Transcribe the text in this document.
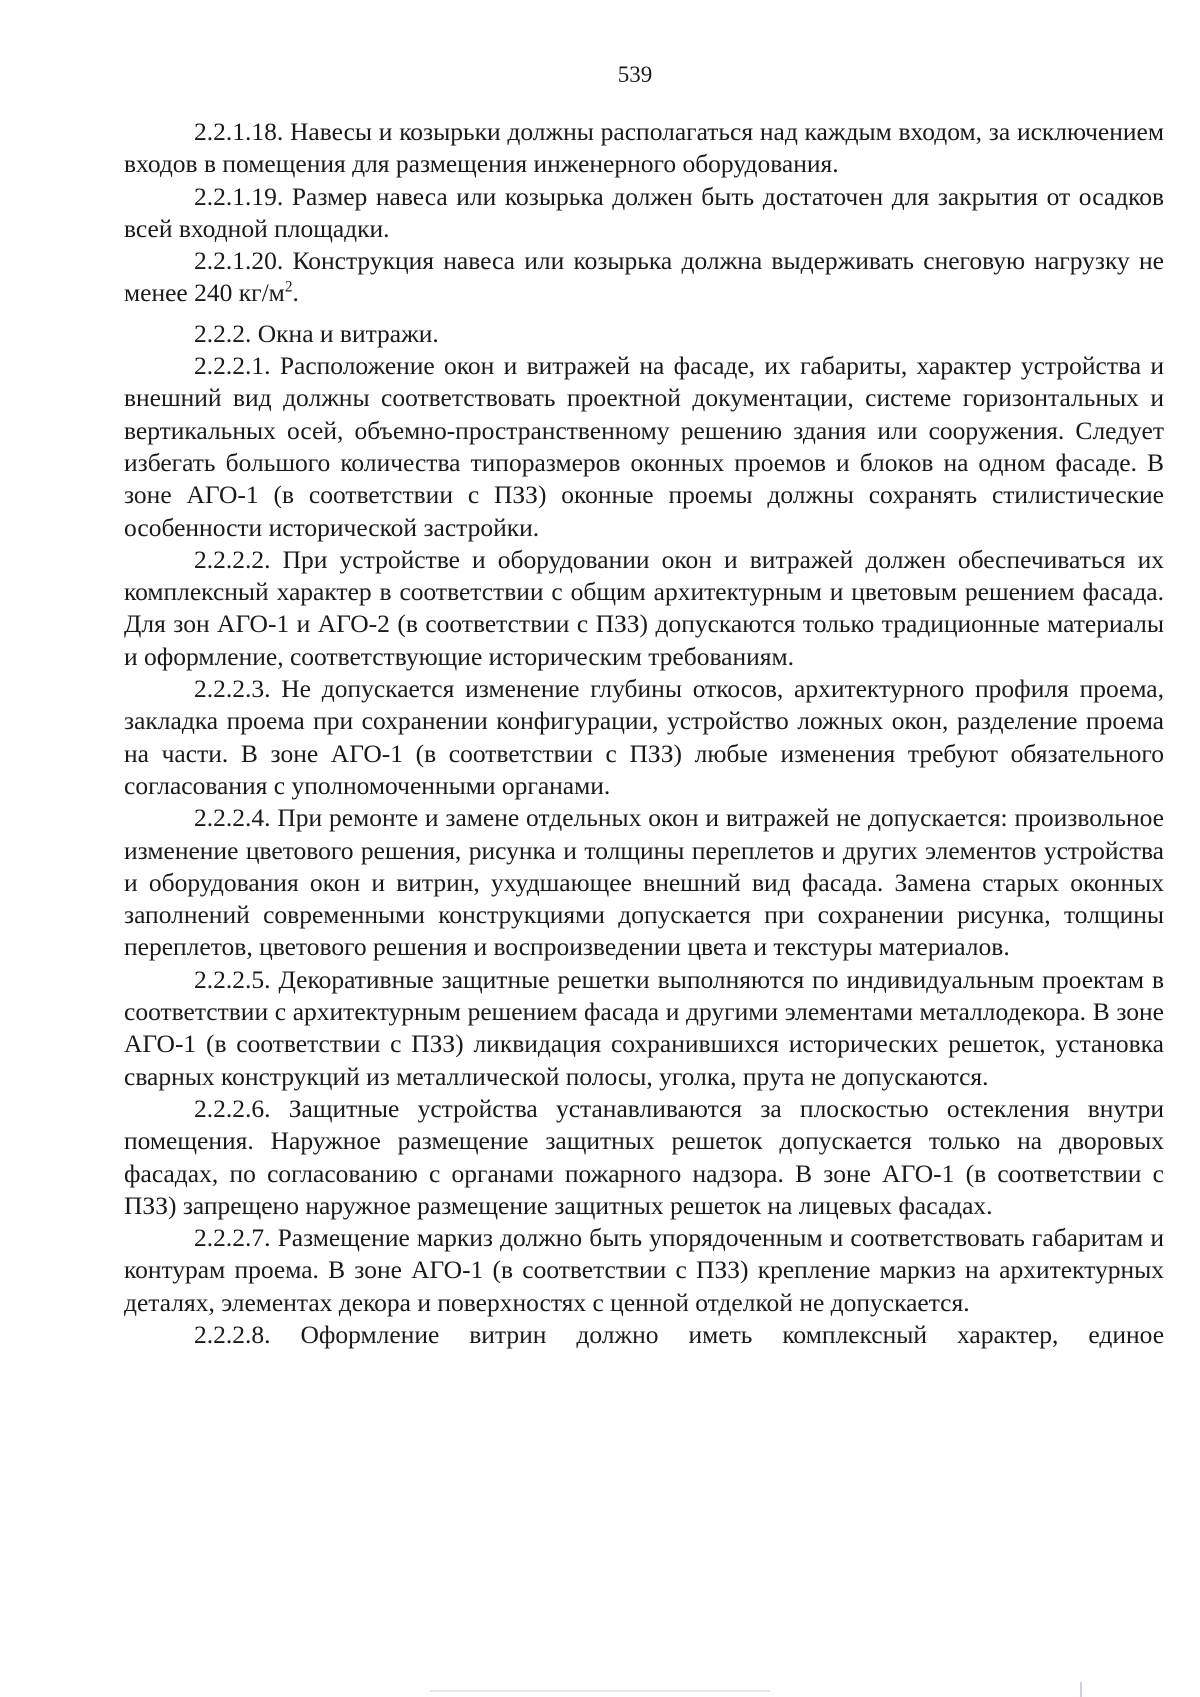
539

2.2.1.18. Навесы и козырьки должны располагаться над каждым входом, за исключением входов в помещения для размещения инженерного оборудования.

2.2.1.19. Размер навеса или козырька должен быть достаточен для закрытия от осадков всей входной площадки.

2.2.1.20. Конструкция навеса или козырька должна выдерживать снеговую нагрузку не менее 240 $кг/м^2$.

2.2.2. Окна и витражи.

2.2.2.1. Расположение окон и витражей на фасаде, их габариты, характер устройства и внешний вид должны соответствовать проектной документации, системе горизонтальных и вертикальных осей, объемно-пространственному решению здания или сооружения. Следует избегать большого количества типоразмеров оконных проемов и блоков на одном фасаде. В зоне АГО-1 (в соответствии с ПЗЗ) оконные проемы должны сохранять стилистические особенности исторической застройки.

2.2.2.2. При устройстве и оборудовании окон и витражей должен обеспечиваться их комплексный характер в соответствии с общим архитектурным и цветовым решением фасада. Для зон АГО-1 и АГО-2 (в соответствии с ПЗЗ) допускаются только традиционные материалы и оформление, соответствующие историческим требованиям.

2.2.2.3. Не допускается изменение глубины откосов, архитектурного профиля проема, закладка проема при сохранении конфигурации, устройство ложных окон, разделение проема на части. В зоне АГО-1 (в соответствии с ПЗЗ) любые изменения требуют обязательного согласования с уполномоченными органами.

2.2.2.4. При ремонте и замене отдельных окон и витражей не допускается: произвольное изменение цветового решения, рисунка и толщины переплетов и других элементов устройства и оборудования окон и витрин, ухудшающее внешний вид фасада. Замена старых оконных заполнений современными конструкциями допускается при сохранении рисунка, толщины переплетов, цветового решения и воспроизведении цвета и текстуры материалов.

2.2.2.5. Декоративные защитные решетки выполняются по индивидуальным проектам в соответствии с архитектурным решением фасада и другими элементами металлодекора. В зоне АГО-1 (в соответствии с ПЗЗ) ликвидация сохранившихся исторических решеток, установка сварных конструкций из металлической полосы, уголка, прута не допускаются.

2.2.2.6. Защитные устройства устанавливаются за плоскостью остекления внутри помещения. Наружное размещение защитных решеток допускается только на дворовых фасадах, по согласованию с органами пожарного надзора. В зоне АГО-1 (в соответствии с ПЗЗ) запрещено наружное размещение защитных решеток на лицевых фасадах.

2.2.2.7. Размещение маркиз должно быть упорядоченным и соответствовать габаритам и контурам проема. В зоне АГО-1 (в соответствии с ПЗЗ) крепление маркиз на архитектурных деталях, элементах декора и поверхностях с ценной отделкой не допускается.

2.2.2.8. Оформление витрин должно иметь комплексный характер, единое
